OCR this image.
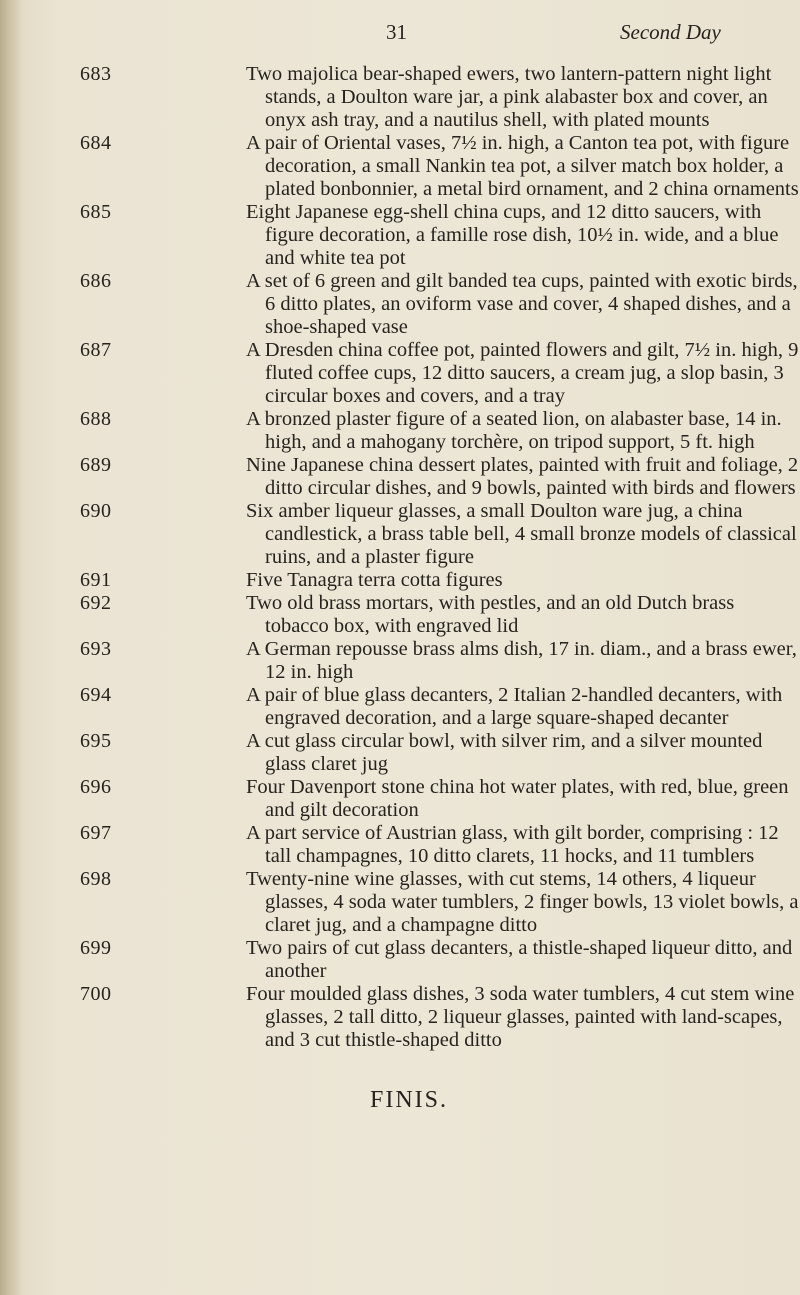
31	Second Day
683	Two majolica bear-shaped ewers, two lantern-pattern night light stands, a Doulton ware jar, a pink alabaster box and cover, an onyx ash tray, and a nautilus shell, with plated mounts
684	A pair of Oriental vases, 7½ in. high, a Canton tea pot, with figure decoration, a small Nankin tea pot, a silver match box holder, a plated bonbonnier, a metal bird ornament, and 2 china ornaments
685	Eight Japanese egg-shell china cups, and 12 ditto saucers, with figure decoration, a famille rose dish, 10½ in. wide, and a blue and white tea pot
686	A set of 6 green and gilt banded tea cups, painted with exotic birds, 6 ditto plates, an oviform vase and cover, 4 shaped dishes, and a shoe-shaped vase
687	A Dresden china coffee pot, painted flowers and gilt, 7½ in. high, 9 fluted coffee cups, 12 ditto saucers, a cream jug, a slop basin, 3 circular boxes and covers, and a tray
688	A bronzed plaster figure of a seated lion, on alabaster base, 14 in. high, and a mahogany torchère, on tripod support, 5 ft. high
689	Nine Japanese china dessert plates, painted with fruit and foliage, 2 ditto circular dishes, and 9 bowls, painted with birds and flowers
690	Six amber liqueur glasses, a small Doulton ware jug, a china candlestick, a brass table bell, 4 small bronze models of classical ruins, and a plaster figure
691	Five Tanagra terra cotta figures
692	Two old brass mortars, with pestles, and an old Dutch brass tobacco box, with engraved lid
693	A German repousse brass alms dish, 17 in. diam., and a brass ewer, 12 in. high
694	A pair of blue glass decanters, 2 Italian 2-handled decanters, with engraved decoration, and a large square-shaped decanter
695	A cut glass circular bowl, with silver rim, and a silver mounted glass claret jug
696	Four Davenport stone china hot water plates, with red, blue, green and gilt decoration
697	A part service of Austrian glass, with gilt border, comprising : 12 tall champagnes, 10 ditto clarets, 11 hocks, and 11 tumblers
698	Twenty-nine wine glasses, with cut stems, 14 others, 4 liqueur glasses, 4 soda water tumblers, 2 finger bowls, 13 violet bowls, a claret jug, and a champagne ditto
699	Two pairs of cut glass decanters, a thistle-shaped liqueur ditto, and another
700	Four moulded glass dishes, 3 soda water tumblers, 4 cut stem wine glasses, 2 tall ditto, 2 liqueur glasses, painted with land-scapes, and 3 cut thistle-shaped ditto
FINIS.
